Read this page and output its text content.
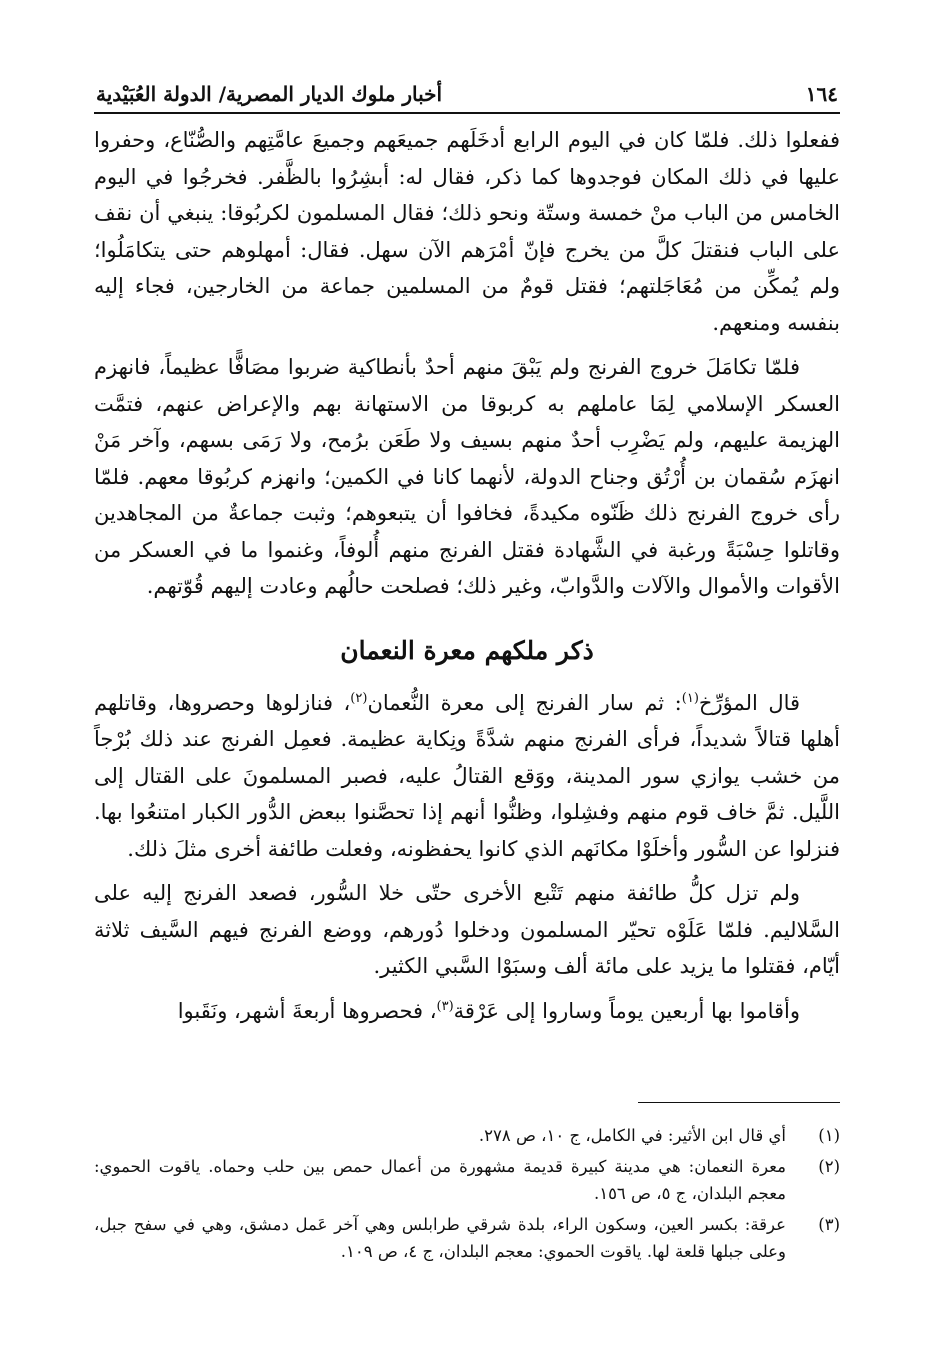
١٦٤
أخبار ملوك الديار المصرية/ الدولة العُبَيْدية

ففعلوا ذلك. فلمّا كان في اليوم الرابع أدخَلَهم جميعَهم وجميعَ عامَّتِهم والصُّنّاع، وحفروا عليها في ذلك المكان فوجدوها كما ذكر، فقال له: أبشِرُوا بالظَّفر. فخرجُوا في اليوم الخامس من الباب منْ خمسة وستّة ونحو ذلك؛ فقال المسلمون لكربُوقا: ينبغي أن نقف على الباب فنقتلَ كلَّ من يخرج فإنّ أمْرَهم الآن سهل. فقال: أمهلوهم حتى يتكامَلُوا؛ ولم يُمكِّن من مُعَاجَلتهم؛ فقتل قومٌ من المسلمين جماعة من الخارجين، فجاء إليه بنفسه ومنعهم.

فلمّا تكامَلَ خروج الفرنج ولم يَبْقَ منهم أحدٌ بأنطاكية ضربوا مصَافًّا عظيماً، فانهزم العسكر الإسلامي لِمَا عاملهم به كربوقا من الاستهانة بهم والإعراض عنهم، فتمَّت الهزيمة عليهم، ولم يَضْرِب أحدٌ منهم بسيف ولا طَعَن برُمح، ولا رَمَى بسهم، وآخر مَنْ انهزَم سُقمان بن أُرْتُق وجناح الدولة، لأنهما كانا في الكمين؛ وانهزم كربُوقا معهم. فلمّا رأى خروج الفرنج ذلك ظَنّوه مكيدةً، فخافوا أن يتبعوهم؛ وثبت جماعةٌ من المجاهدين وقاتلوا حِسْبَةً ورغبة في الشَّهادة فقتل الفرنج منهم أُلوفاً، وغنموا ما في العسكر من الأقوات والأموال والآلات والدَّوابّ، وغير ذلك؛ فصلحت حالُهم وعادت إليهم قُوّتهم.

ذكر ملكهم معرة النعمان

قال المؤرِّخ$^{(١)}$: ثم سار الفرنج إلى معرة النُّعمان$^{(٢)}$، فنازلوها وحصروها، وقاتلهم أهلها قتالاً شديداً، فرأى الفرنج منهم شدَّةً ونِكاية عظيمة. فعمِل الفرنج عند ذلك بُرْجاً من خشب يوازي سور المدينة، ووَقع القتالُ عليه، فصبر المسلمونَ على القتال إلى اللَّيل. ثمَّ خاف قوم منهم وفشِلوا، وظنُّوا أنهم إذا تحصَّنوا ببعض الدُّور الكبار امتنعُوا بها. فنزلوا عن السُّور وأخلَوْا مكانَهم الذي كانوا يحفظونه، وفعلت طائفة أخرى مثلَ ذلك.

ولم تزل كلُّ طائفة منهم تَتْبع الأخرى حتّى خلا السُّور، فصعد الفرنج إليه على السَّلاليم. فلمّا عَلَوْه تحيّر المسلمون ودخلوا دُورهم، ووضع الفرنج فيهم السَّيف ثلاثة أيّام، فقتلوا ما يزيد على مائة ألف وسبَوْا السَّبي الكثير.

وأقاموا بها أربعين يوماً وساروا إلى عَرْقة$^{(٣)}$، فحصروها أربعةَ أشهر، ونَقَبوا

(١)
أي قال ابن الأثير: في الكامل، ج ١٠، ص ٢٧٨.
(٢)
معرة النعمان: هي مدينة كبيرة قديمة مشهورة من أعمال حمص بين حلب وحماه. ياقوت الحموي: معجم البلدان، ج ٥، ص ١٥٦.
(٣)
عرقة: بكسر العين، وسكون الراء، بلدة شرقي طرابلس وهي آخر عَمل دمشق، وهي في سفح جبل، وعلى جبلها قلعة لها. ياقوت الحموي: معجم البلدان، ج ٤، ص ١٠٩.
